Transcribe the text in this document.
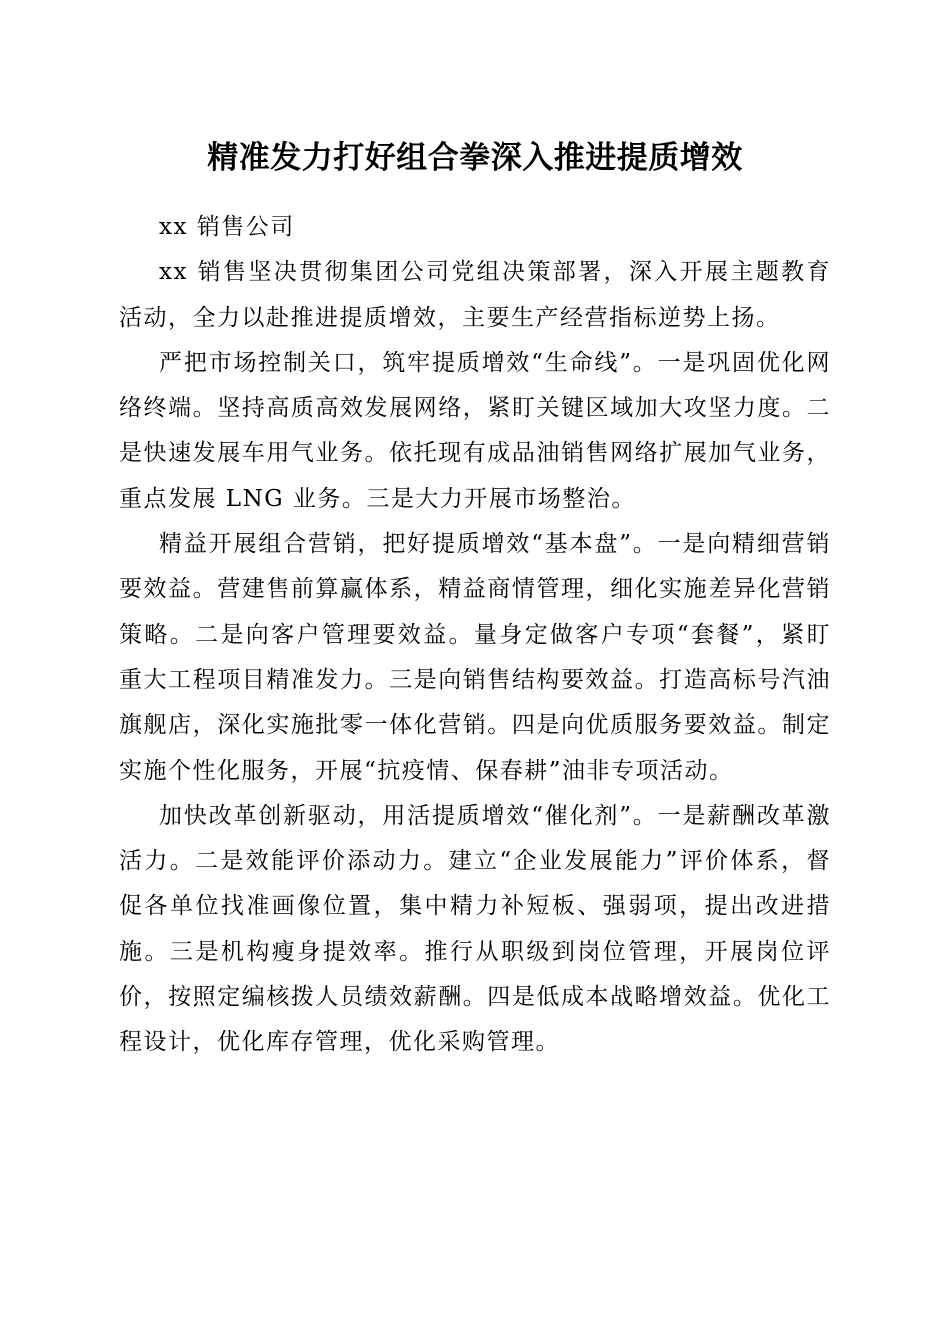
精准发力打好组合拳深入推进提质增效

xx 销售公司

xx 销售坚决贯彻集团公司党组决策部署，深入开展主题教育活动，全力以赴推进提质增效，主要生产经营指标逆势上扬。

严把市场控制关口，筑牢提质增效“生命线”。一是巩固优化网络终端。坚持高质高效发展网络，紧盯关键区域加大攻坚力度。二是快速发展车用气业务。依托现有成品油销售网络扩展加气业务，重点发展 LNG 业务。三是大力开展市场整治。

精益开展组合营销，把好提质增效“基本盘”。一是向精细营销要效益。营建售前算赢体系，精益商情管理，细化实施差异化营销策略。二是向客户管理要效益。量身定做客户专项“套餐”，紧盯重大工程项目精准发力。三是向销售结构要效益。打造高标号汽油旗舰店，深化实施批零一体化营销。四是向优质服务要效益。制定实施个性化服务，开展“抗疫情、保春耕”油非专项活动。

加快改革创新驱动，用活提质增效“催化剂”。一是薪酬改革激活力。二是效能评价添动力。建立“企业发展能力”评价体系，督促各单位找准画像位置，集中精力补短板、强弱项，提出改进措施。三是机构瘦身提效率。推行从职级到岗位管理，开展岗位评价，按照定编核拨人员绩效薪酬。四是低成本战略增效益。优化工程设计，优化库存管理，优化采购管理。
